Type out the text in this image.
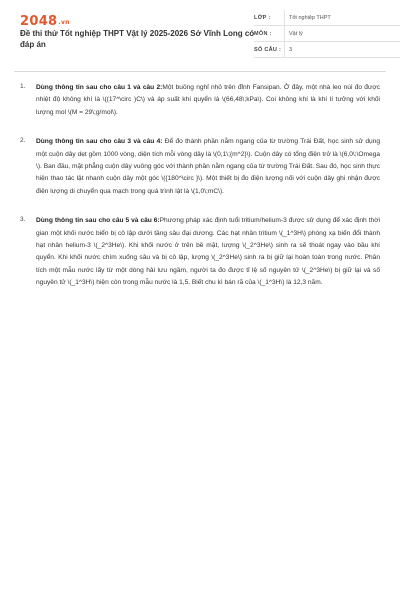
2048.vn
Đề thi thử Tốt nghiệp THPT Vật lý 2025-2026 Sở Vĩnh Long có đáp án
LỚP :	Tốt nghiệp THPT
MÔN :	Vật lý
SỐ CÂU :	3
1.	Dùng thông tin sau cho câu 1 và câu 2:Một buồng nghỉ nhỏ trên đỉnh Fansipan. Ở đây, một nhà leo núi đo được nhiệt độ không khí là \((17^\circ )C\) và áp suất khí quyển là \(66,48\;kPa\). Coi không khí là khí lí tưởng với khối lượng mol \(M = 29\;g/mol\).
2.	Dùng thông tin sau cho câu 3 và câu 4: Để đo thành phần nằm ngang của từ trường Trái Đất, học sinh sử dụng một cuộn dây dẹt gồm 1000 vòng, diện tích mỗi vòng dây là \(0,1\;{m^2}\). Cuộn dây có tổng điện trở là \(6,0\;\Omega \). Ban đầu, mặt phẳng cuộn dây vuông góc với thành phần nằm ngang của từ trường Trái Đất. Sau đó, học sinh thực hiện thao tác lật nhanh cuộn dây một góc \({180^\circ }\). Một thiết bị đo điện lượng nối với cuộn dây ghi nhận được điện lượng di chuyển qua mạch trong quá trình lật là \(1,0\;mC\).
3.	Dùng thông tin sau cho câu 5 và câu 6:Phương pháp xác định tuổi tritium/helium-3 được sử dụng để xác định thời gian một khối nước biển bị cô lập dưới tầng sâu đại dương. Các hạt nhân tritium \(_1^3H\) phóng xạ biến đổi thành hạt nhân helium-3 \(_2^3He\). Khi khối nước ở trên bề mặt, lượng \(_2^3He\) sinh ra sẽ thoát ngay vào bầu khí quyển. Khi khối nước chìm xuống sâu và bị cô lập, lượng \(_2^3He\) sinh ra bị giữ lại hoàn toàn trong nước. Phân tích một mẫu nước lấy từ một dòng hải lưu ngầm, người ta đo được tỉ lệ số nguyên tử \(_2^3He\) bị giữ lại và số nguyên tử \(_1^3H\) hiện còn trong mẫu nước là 1,5. Biết chu kì bán rã của \(_1^3H\) là 12,3 năm.
